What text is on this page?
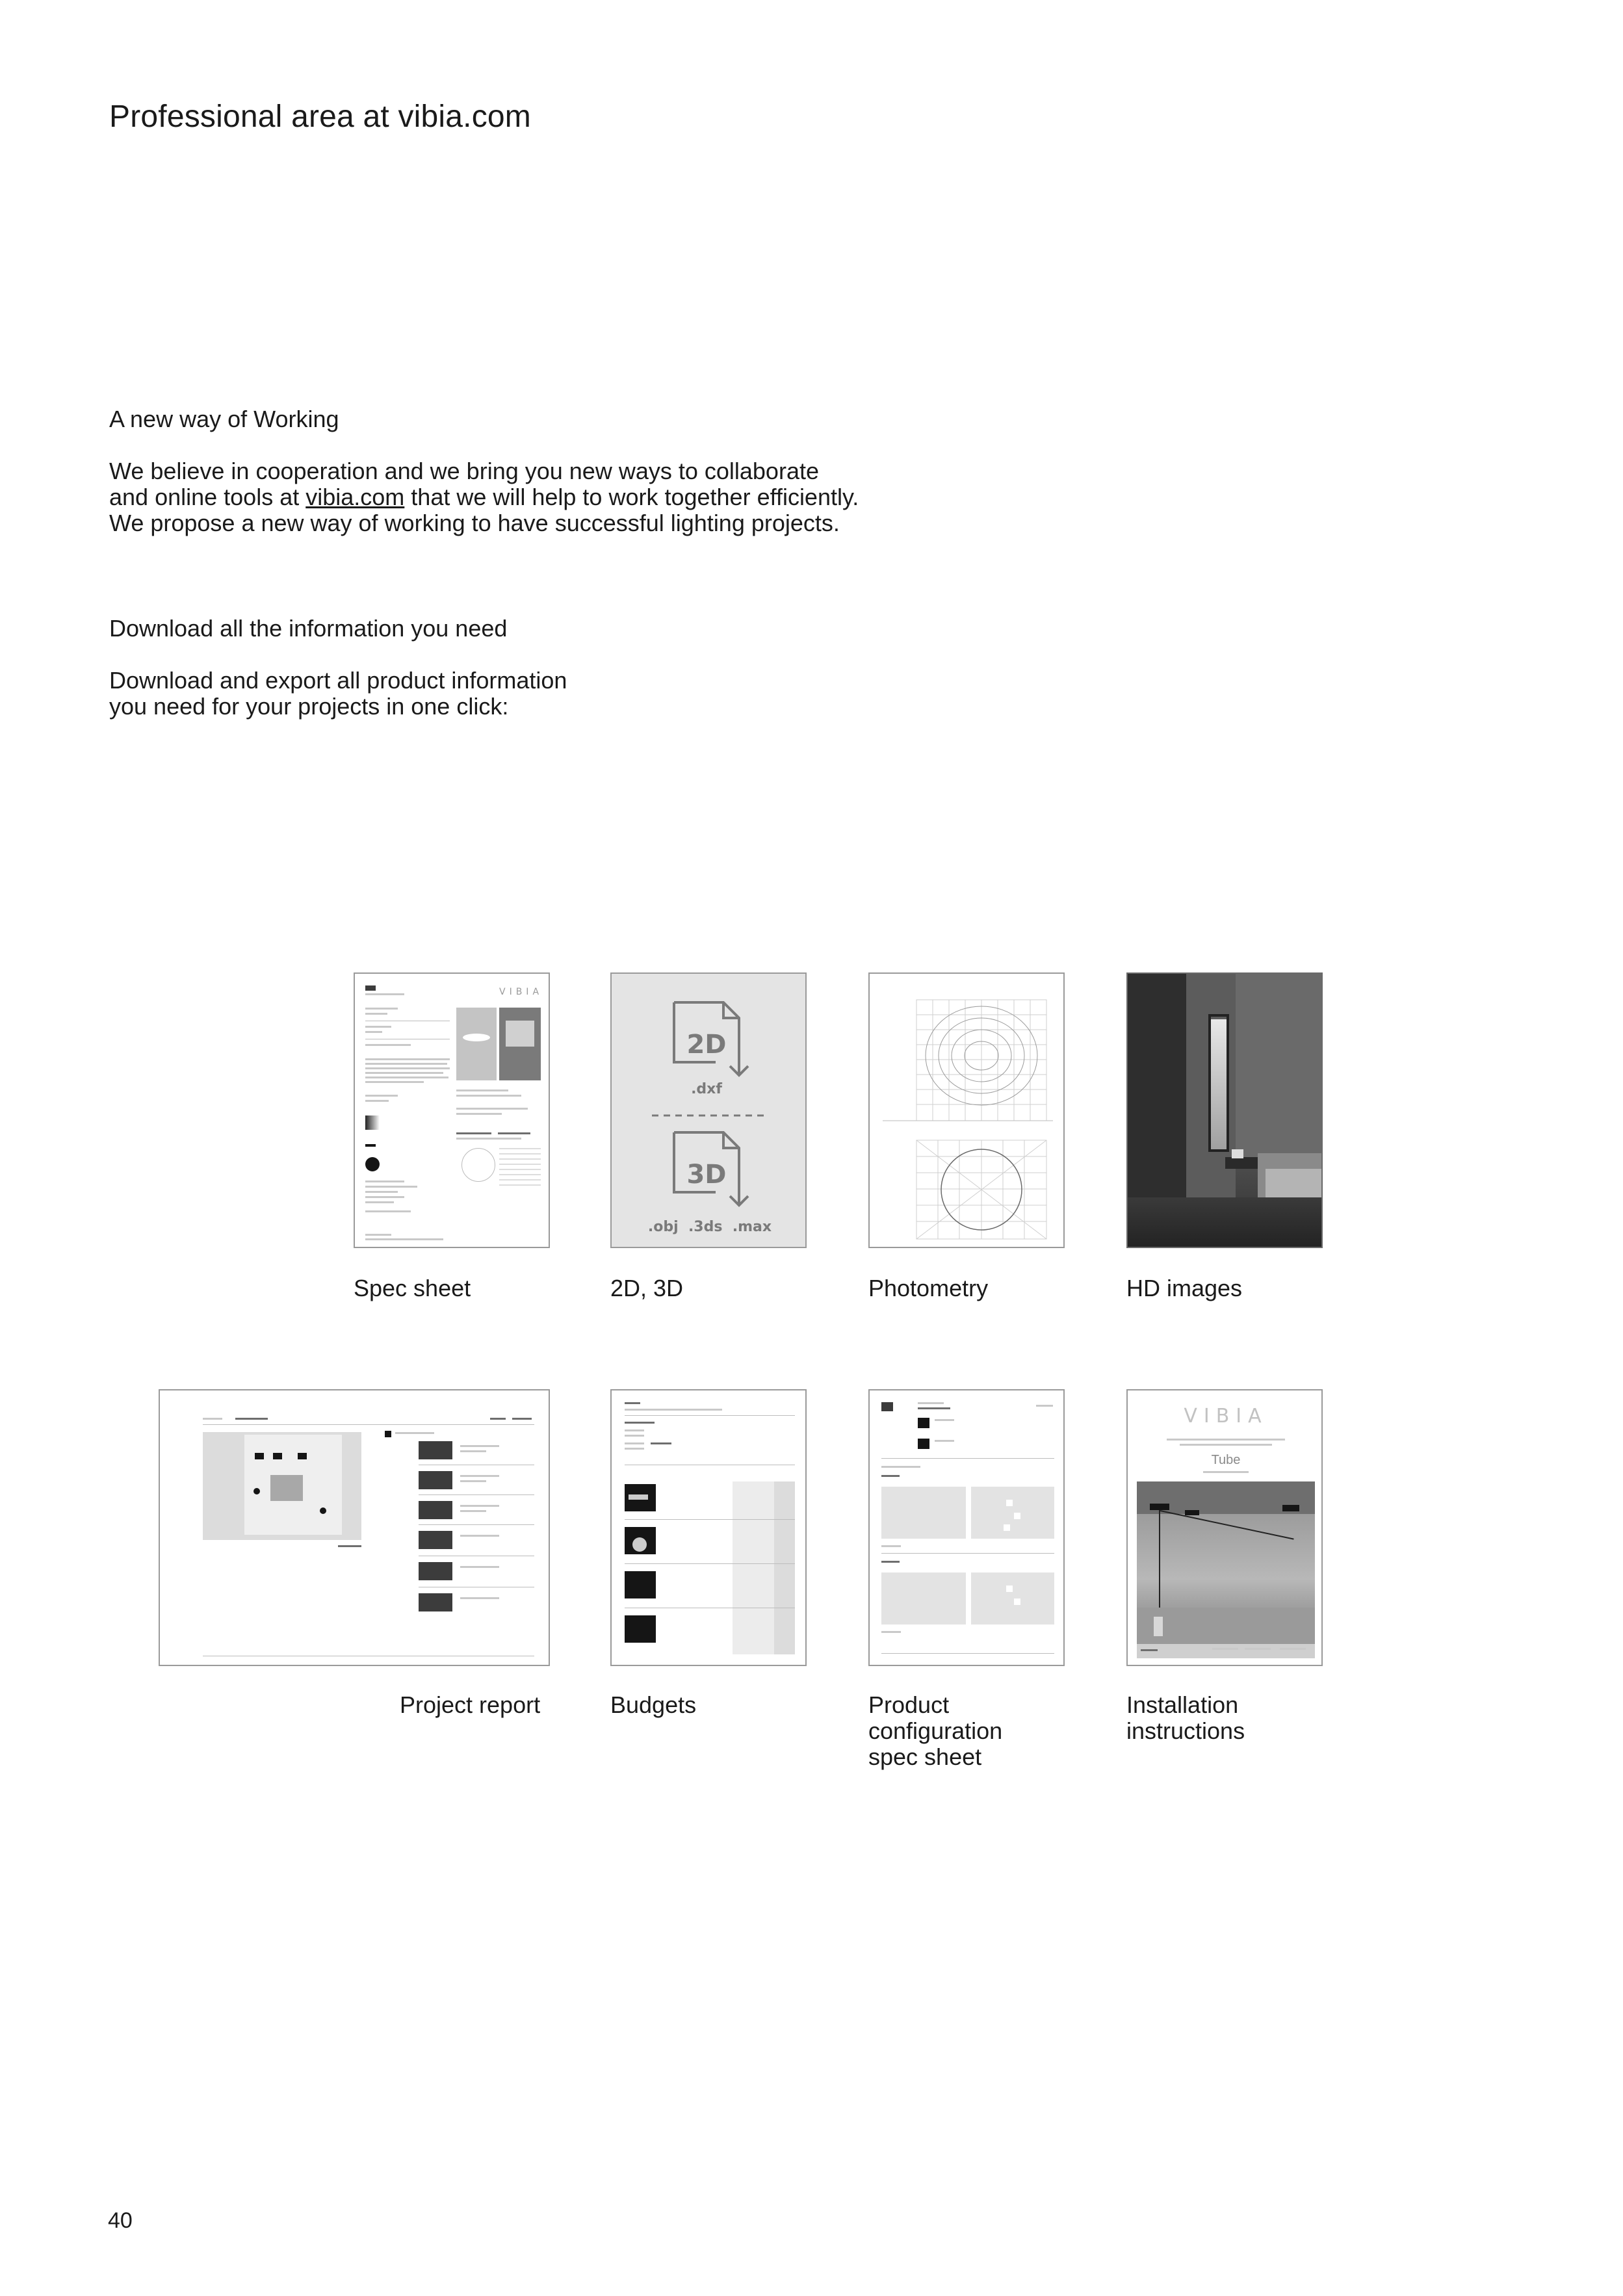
Professional area at vibia.com

A new way of Working

We believe in cooperation and we bring you new ways to collaborate

and online tools at vibia.com that we will help to work together efficiently.

We propose a new way of working to have successful lighting projects.

Download all the information you need

Download and export all product information

you need for your projects in one click:

VIBIA
Spec sheet
2D
.dxf
3D
.obj  .3ds  .max
2D, 3D	Photometry	HD images
Project report	Budgets	Product
configuration
spec sheet
VIBIA
Tube
Installation
instructions
40
